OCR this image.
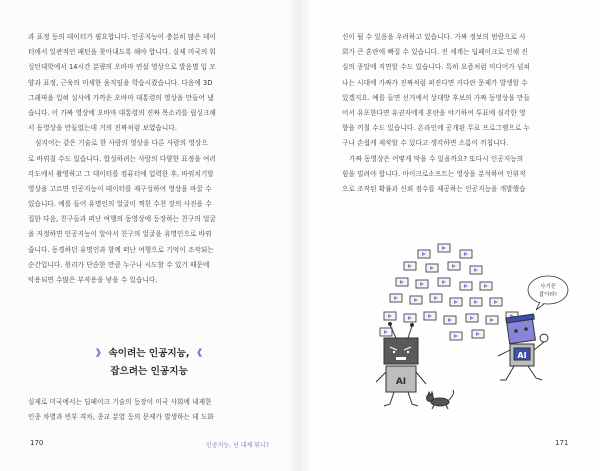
과 표정 등의 데이터가 필요합니다. 인공지능이 충분히 많은 데이
터에서 일관적인 패턴을 찾아내도록 해야 합니다. 실제 미국의 워
싱턴대학에서 14시간 분량의 오바마 연설 영상으로 발음별 입 모
양과 표정, 근육의 미세한 움직임을 학습시켰습니다. 다음에 3D
그래픽을 입혀 실사에 가까운 오바마 대통령의 영상을 만들어 냈
습니다. 이 가짜 영상에 오바마 대통령의 진짜 목소리를 립싱크해
서 동영상을 만들었는데 거의 진짜처럼 보였습니다.
심지어는 같은 기술로 한 사람의 영상을 다른 사람의 영상으
로 바꿔칠 수도 있습니다. 합성하려는 사람의 다양한 표정을 여러
각도에서 촬영하고 그 데이터를 컴퓨터에 입력한 후, 바꿔치기할
영상을 고르면 인공지능이 데이터를 재구성하여 영상을 바꿀 수
있습니다. 예를 들어 유명인의 얼굴이 찍힌 수천 장의 사진을 수
집한 다음, 친구들과 떠난 여행의 동영상에 등장하는 친구의 얼굴
을 지정하면 인공지능이 알아서 친구의 얼굴을 유명인으로 바꿔
줍니다. 동경하던 유명인과 함께 떠난 여행으로 기억이 조작되는
순간입니다. 원리가 단순한 만큼 누구나 시도할 수 있기 때문에
악용되면 수많은 부작용을 낳을 수 있습니다.
》 속이려는 인공지능, 《
잡으려는 인공지능
실제로 미국에서는 딥페이크 기술의 등장이 미국 사회에 내재한
인종 차별과 빈부 격차, 종교 분열 등의 문제가 발생하는 데 도화
170	인공지능, 넌 대체 뭐니?
선이 될 수 있음을 우려하고 있습니다. 가짜 정보의 범람으로 사
회가 큰 혼란에 빠질 수 있습니다. 전 세계는 딥페이크로 인해 진
실의 종말에 직면할 수도 있습니다. 특히 요즘처럼 미디어가 넘쳐
나는 시대에 가짜가 진짜처럼 퍼진다면 커다란 문제가 발생할 수
있겠지요. 예를 들면 선거에서 상대방 후보의 가짜 동영상을 만들
어서 유포한다면 유권자에게 혼란을 야기하여 투표에 심각한 영
향을 끼칠 수도 있습니다. 온라인에 공개된 무료 프로그램으로 누
구나 손쉽게 제작할 수 있다고 생각하면 소름이 끼칩니다.
가짜 동영상은 어떻게 막을 수 있을까요? 또다시 인공지능의
힘을 빌려야 합니다. 마이크로소프트는 영상을 분석하여 인위적
으로 조작된 확률과 신뢰 점수를 제공하는 인공지능을 개발했습
AI
AI
사기꾼
잡아라!
171
